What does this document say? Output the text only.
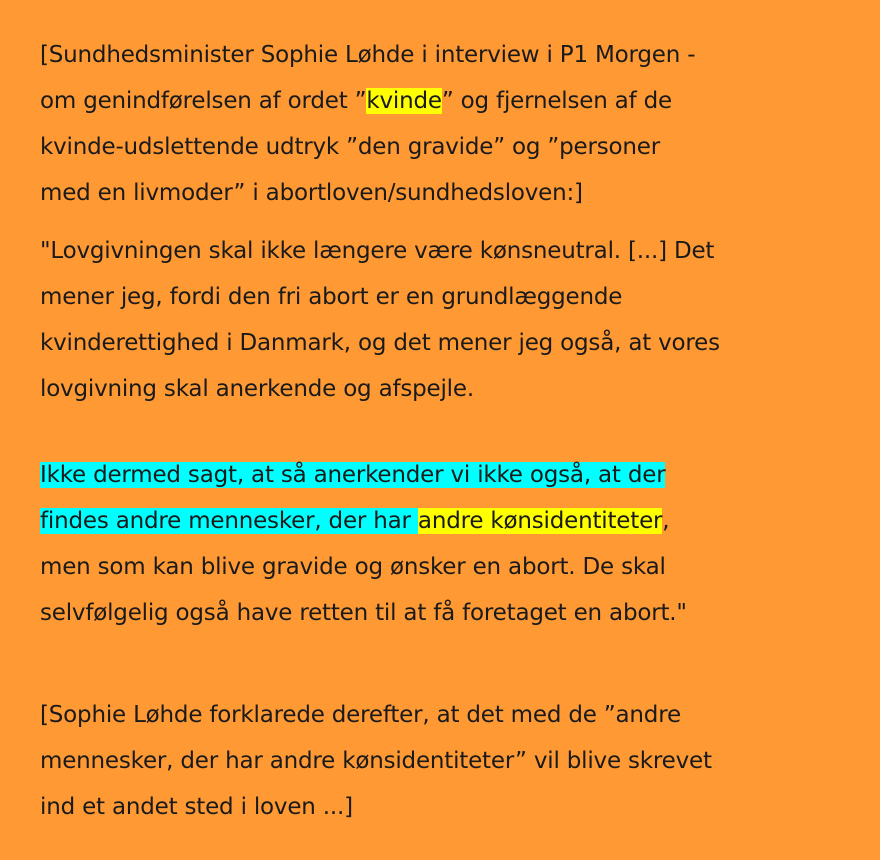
[Sundhedsminister Sophie Løhde i interview i P1 Morgen -
om genindførelsen af ordet ”kvinde” og fjernelsen af de
kvinde-udslettende udtryk ”den gravide” og ”personer
med en livmoder” i abortloven/sundhedsloven:]

"Lovgivningen skal ikke længere være kønsneutral. [...] Det
mener jeg, fordi den fri abort er en grundlæggende
kvinderettighed i Danmark, og det mener jeg også, at vores
lovgivning skal anerkende og afspejle.

Ikke dermed sagt, at så anerkender vi ikke også, at der
findes andre mennesker, der har andre kønsidentiteter,
men som kan blive gravide og ønsker en abort. De skal
selvfølgelig også have retten til at få foretaget en abort."

[Sophie Løhde forklarede derefter, at det med de ”andre
mennesker, der har andre kønsidentiteter” vil blive skrevet
ind et andet sted i loven ...]
